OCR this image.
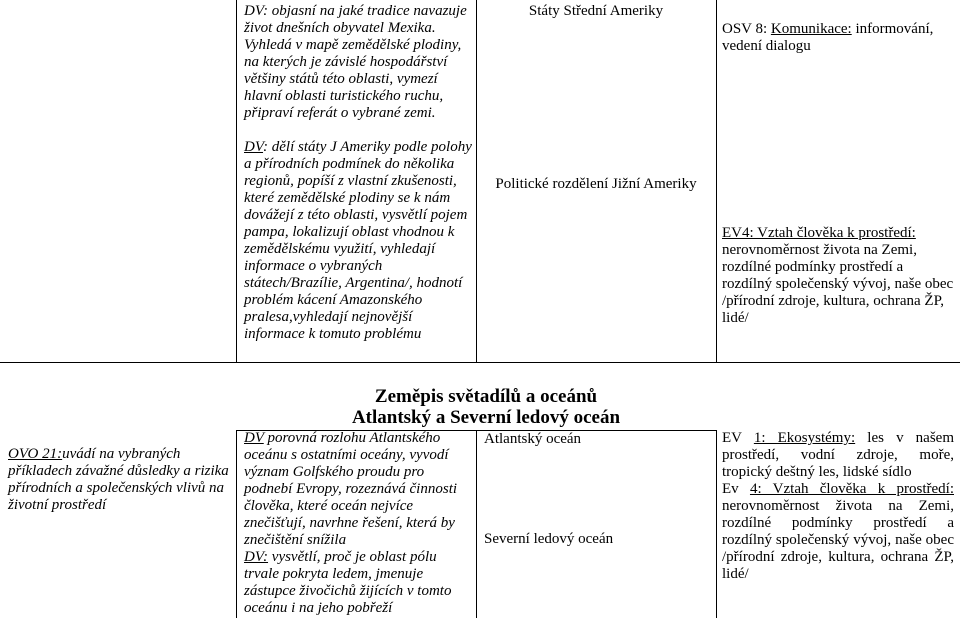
DV: objasní na jaké tradice navazuje život dnešních obyvatel Mexika. Vyhledá v mapě zemědělské plodiny, na kterých je závislé hospodářství většiny států této oblasti, vymezí hlavní oblasti turistického ruchu, připraví referát o vybrané zemi.

Státy Střední Ameriky

OSV 8: Komunikace: informování, vedení dialogu

DV: dělí státy J Ameriky podle polohy a přírodních podmínek do několika regionů, popíší z vlastní zkušenosti, které zemědělské plodiny se k nám dovážejí z této oblasti, vysvětlí pojem pampa, lokalizují oblast vhodnou k zemědělskému využití, vyhledají informace o vybraných státech/Brazílie, Argentina/, hodnotí problém kácení Amazonského pralesa,vyhledají nejnovější informace k tomuto problému

Politické rozdělení Jižní Ameriky

EV4: Vztah člověka k prostředí: nerovnoměrnost života na Zemi, rozdílné podmínky prostředí a rozdílný společenský vývoj, naše obec /přírodní zdroje, kultura, ochrana ŽP, lidé/

Zeměpis světadílů a oceánů

Atlantský a Severní ledový oceán

OVO 21:uvádí na vybraných příkladech závažné důsledky a rizika přírodních a společenských vlivů na životní prostředí

DV porovná rozlohu Atlantského oceánu s ostatními oceány, vyvodí význam Golfského proudu pro podnebí Evropy, rozeznává činnosti člověka, které oceán nejvíce znečišťují, navrhne řešení, která by znečištění snížila

DV: vysvětlí, proč je oblast pólu trvale pokryta ledem, jmenuje zástupce živočichů žijících v tomto oceánu i na jeho pobřeží

Atlantský oceán

Severní ledový oceán

EV 1: Ekosystémy: les v našem prostředí, vodní zdroje, moře, tropický deštný les, lidské sídlo

Ev 4: Vztah člověka k prostředí: nerovnoměrnost života na Zemi, rozdílné podmínky prostředí a rozdílný společenský vývoj, naše obec /přírodní zdroje, kultura, ochrana ŽP, lidé/
